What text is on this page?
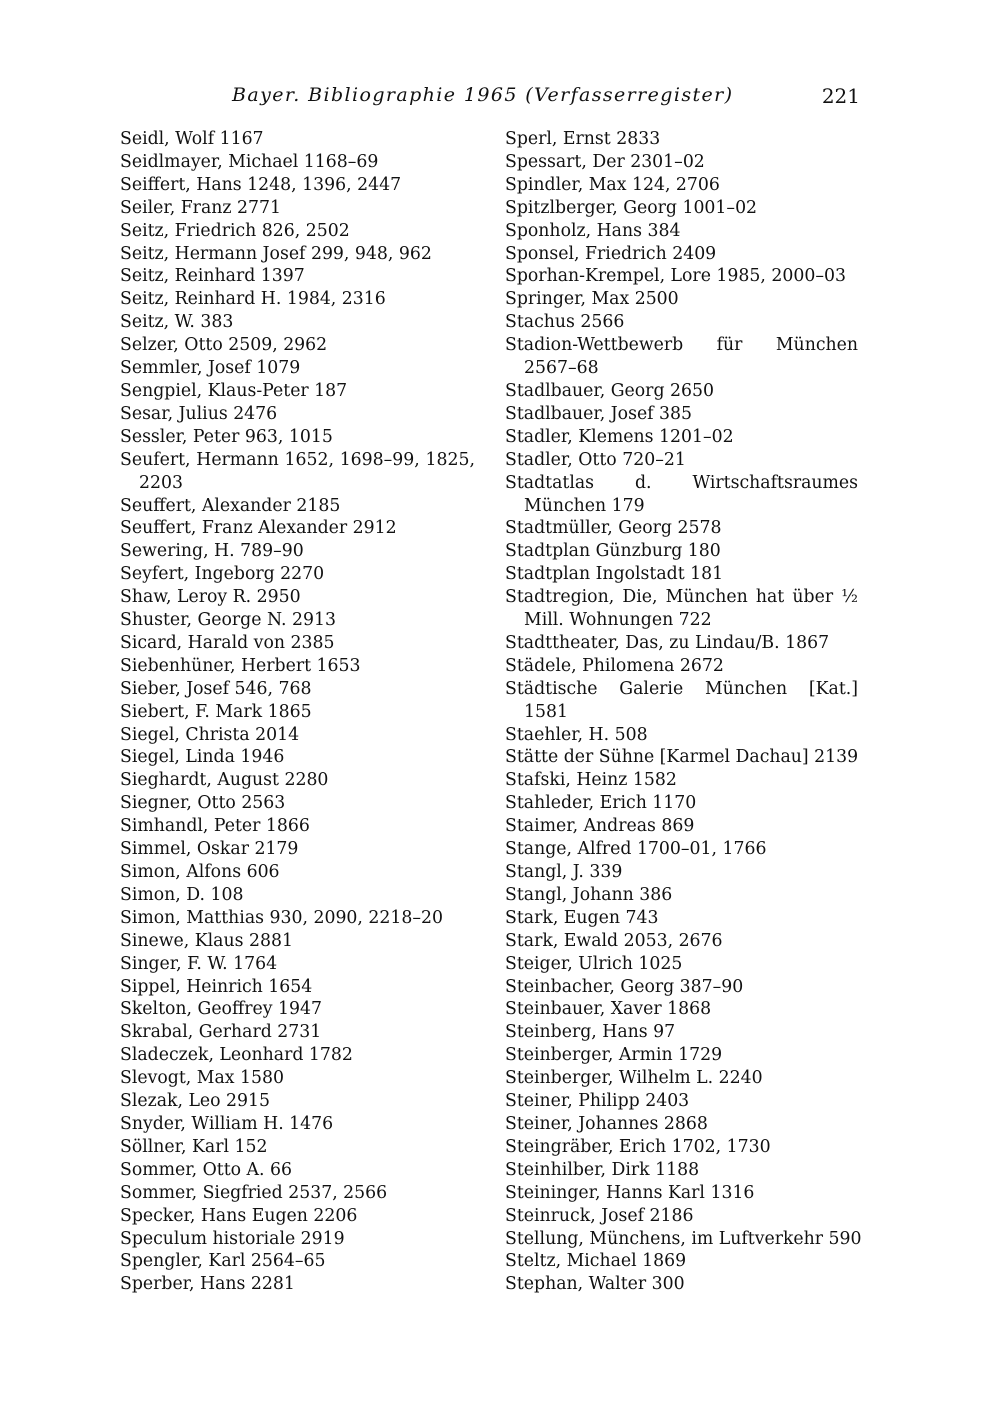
Bayer. Bibliographie 1965 (Verfasserregister)	221
Seidl, Wolf 1167
Seidlmayer, Michael 1168–69
Seiffert, Hans 1248, 1396, 2447
Seiler, Franz 2771
Seitz, Friedrich 826, 2502
Seitz, Hermann Josef 299, 948, 962
Seitz, Reinhard 1397
Seitz, Reinhard H. 1984, 2316
Seitz, W. 383
Selzer, Otto 2509, 2962
Semmler, Josef 1079
Sengpiel, Klaus-Peter 187
Sesar, Julius 2476
Sessler, Peter 963, 1015
Seufert, Hermann 1652, 1698–99, 1825, 2203
Seuffert, Alexander 2185
Seuffert, Franz Alexander 2912
Sewering, H. 789–90
Seyfert, Ingeborg 2270
Shaw, Leroy R. 2950
Shuster, George N. 2913
Sicard, Harald von 2385
Siebenhüner, Herbert 1653
Sieber, Josef 546, 768
Siebert, F. Mark 1865
Siegel, Christa 2014
Siegel, Linda 1946
Sieghardt, August 2280
Siegner, Otto 2563
Simhandl, Peter 1866
Simmel, Oskar 2179
Simon, Alfons 606
Simon, D. 108
Simon, Matthias 930, 2090, 2218–20
Sinewe, Klaus 2881
Singer, F. W. 1764
Sippel, Heinrich 1654
Skelton, Geoffrey 1947
Skrabal, Gerhard 2731
Sladeczek, Leonhard 1782
Slevogt, Max 1580
Slezak, Leo 2915
Snyder, William H. 1476
Söllner, Karl 152
Sommer, Otto A. 66
Sommer, Siegfried 2537, 2566
Specker, Hans Eugen 2206
Speculum historiale 2919
Spengler, Karl 2564–65
Sperber, Hans 2281
Sperl, Ernst 2833
Spessart, Der 2301–02
Spindler, Max 124, 2706
Spitzlberger, Georg 1001–02
Sponholz, Hans 384
Sponsel, Friedrich 2409
Sporhan-Krempel, Lore 1985, 2000–03
Springer, Max 2500
Stachus 2566
Stadion-Wettbewerb für München 2567–68
Stadlbauer, Georg 2650
Stadlbauer, Josef 385
Stadler, Klemens 1201–02
Stadler, Otto 720–21
Stadtatlas d. Wirtschaftsraumes München 179
Stadtmüller, Georg 2578
Stadtplan Günzburg 180
Stadtplan Ingolstadt 181
Stadtregion, Die, München hat über ½ Mill. Wohnungen 722
Stadttheater, Das, zu Lindau/B. 1867
Städele, Philomena 2672
Städtische Galerie München [Kat.] 1581
Staehler, H. 508
Stätte der Sühne [Karmel Dachau] 2139
Stafski, Heinz 1582
Stahleder, Erich 1170
Staimer, Andreas 869
Stange, Alfred 1700–01, 1766
Stangl, J. 339
Stangl, Johann 386
Stark, Eugen 743
Stark, Ewald 2053, 2676
Steiger, Ulrich 1025
Steinbacher, Georg 387–90
Steinbauer, Xaver 1868
Steinberg, Hans 97
Steinberger, Armin 1729
Steinberger, Wilhelm L. 2240
Steiner, Philipp 2403
Steiner, Johannes 2868
Steingräber, Erich 1702, 1730
Steinhilber, Dirk 1188
Steininger, Hanns Karl 1316
Steinruck, Josef 2186
Stellung, Münchens, im Luftverkehr 590
Steltz, Michael 1869
Stephan, Walter 300
